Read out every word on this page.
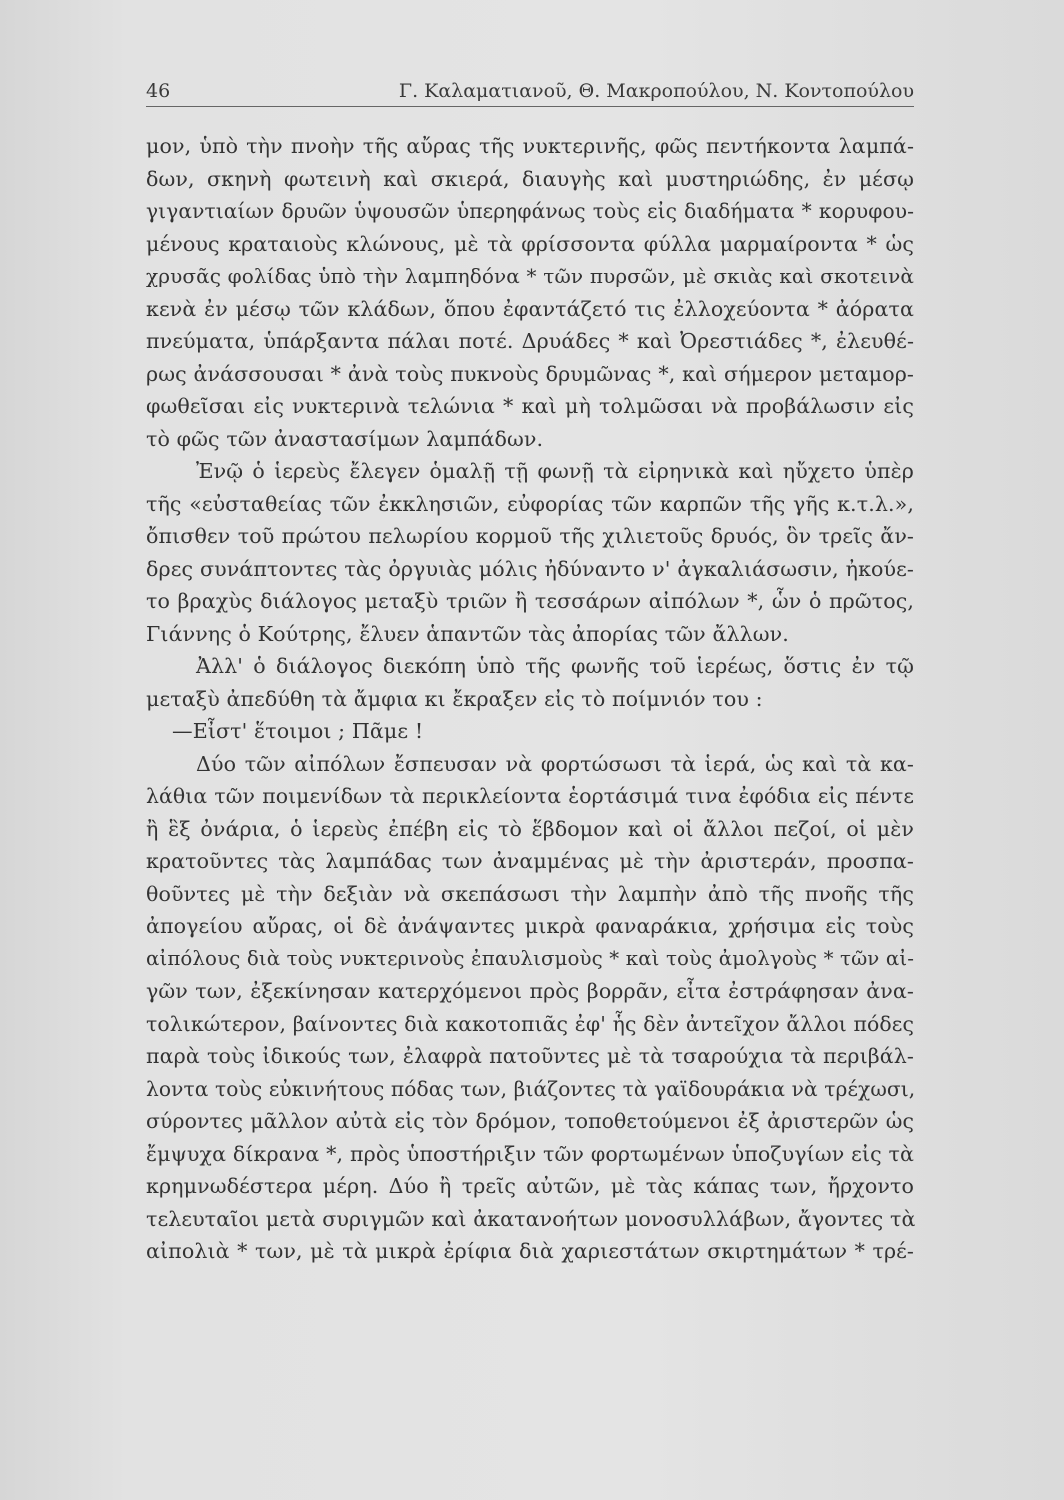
46	Γ. Καλαματιανοῦ, Θ. Μακροπούλου, Ν. Κοντοπούλου
μον, ὑπὸ τὴν πνοὴν τῆς αὔρας τῆς νυκτερινῆς, φῶς πεντήκοντα λαμπά-
δων, σκηνὴ φωτεινὴ καὶ σκιερά, διαυγὴς καὶ μυστηριώδης, ἐν μέσῳ
γιγαντιαίων δρυῶν ὑψουσῶν ὑπερηφάνως τοὺς εἰς διαδήματα * κορυφου-
μένους κραταιοὺς κλώνους, μὲ τὰ φρίσσοντα φύλλα μαρμαίροντα * ὡς
χρυσᾶς φολίδας ὑπὸ τὴν λαμπηδόνα * τῶν πυρσῶν, μὲ σκιὰς καὶ σκοτεινὰ
κενὰ ἐν μέσῳ τῶν κλάδων, ὅπου ἐφαντάζετό τις ἐλλοχεύοντα * ἀόρατα
πνεύματα, ὑπάρξαντα πάλαι ποτέ. Δρυάδες * καὶ Ὀρεστιάδες *, ἐλευθέ-
ρως ἀνάσσουσαι * ἀνὰ τοὺς πυκνοὺς δρυμῶνας *, καὶ σήμερον μεταμορ-
φωθεῖσαι εἰς νυκτερινὰ τελώνια * καὶ μὴ τολμῶσαι νὰ προβάλωσιν εἰς
τὸ φῶς τῶν ἀναστασίμων λαμπάδων.
Ἐνῷ ὁ ἱερεὺς ἔλεγεν ὁμαλῇ τῇ φωνῇ τὰ εἰρηνικὰ καὶ ηὔχετο ὑπὲρ
τῆς «εὐσταθείας τῶν ἐκκλησιῶν, εὐφορίας τῶν καρπῶν τῆς γῆς κ.τ.λ.»,
ὄπισθεν τοῦ πρώτου πελωρίου κορμοῦ τῆς χιλιετοῦς δρυός, ὃν τρεῖς ἄν-
δρες συνάπτοντες τὰς ὀργυιὰς μόλις ἠδύναντο ν' ἀγκαλιάσωσιν, ἠκούε-
το βραχὺς διάλογος μεταξὺ τριῶν ἢ τεσσάρων αἰπόλων *, ὧν ὁ πρῶτος,
Γιάννης ὁ Κούτρης, ἔλυεν ἁπαντῶν τὰς ἀπορίας τῶν ἄλλων.
Ἀλλ' ὁ διάλογος διεκόπη ὑπὸ τῆς φωνῆς τοῦ ἱερέως, ὅστις ἐν τῷ
μεταξὺ ἀπεδύθη τὰ ἄμφια κι ἔκραξεν εἰς τὸ ποίμνιόν του :
—Εἶστ' ἕτοιμοι ; Πᾶμε !
Δύο τῶν αἰπόλων ἔσπευσαν νὰ φορτώσωσι τὰ ἱερά, ὡς καὶ τὰ κα-
λάθια τῶν ποιμενίδων τὰ περικλείοντα ἑορτάσιμά τινα ἐφόδια εἰς πέντε
ἢ ἓξ ὀνάρια, ὁ ἱερεὺς ἐπέβη εἰς τὸ ἕβδομον καὶ οἱ ἄλλοι πεζοί, οἱ μὲν
κρατοῦντες τὰς λαμπάδας των ἀναμμένας μὲ τὴν ἀριστεράν, προσπα-
θοῦντες μὲ τὴν δεξιὰν νὰ σκεπάσωσι τὴν λαμπὴν ἀπὸ τῆς πνοῆς τῆς
ἀπογείου αὔρας, οἱ δὲ ἀνάψαντες μικρὰ φαναράκια, χρήσιμα εἰς τοὺς
αἰπόλους διὰ τοὺς νυκτερινοὺς ἐπαυλισμοὺς * καὶ τοὺς ἀμολγοὺς * τῶν αἰ-
γῶν των, ἐξεκίνησαν κατερχόμενοι πρὸς βορρᾶν, εἶτα ἐστράφησαν ἀνα-
τολικώτερον, βαίνοντες διὰ κακοτοπιᾶς ἐφ' ἧς δὲν ἀντεῖχον ἄλλοι πόδες
παρὰ τοὺς ἰδικούς των, ἐλαφρὰ πατοῦντες μὲ τὰ τσαρούχια τὰ περιβάλ-
λοντα τοὺς εὐκινήτους πόδας των, βιάζοντες τὰ γαϊδουράκια νὰ τρέχωσι,
σύροντες μᾶλλον αὐτὰ εἰς τὸν δρόμον, τοποθετούμενοι ἐξ ἀριστερῶν ὡς
ἔμψυχα δίκρανα *, πρὸς ὑποστήριξιν τῶν φορτωμένων ὑποζυγίων εἰς τὰ
κρημνωδέστερα μέρη. Δύο ἢ τρεῖς αὐτῶν, μὲ τὰς κάπας των, ἤρχοντο
τελευταῖοι μετὰ συριγμῶν καὶ ἀκατανοήτων μονοσυλλάβων, ἄγοντες τὰ
αἰπολιὰ * των, μὲ τὰ μικρὰ ἐρίφια διὰ χαριεστάτων σκιρτημάτων * τρέ-
